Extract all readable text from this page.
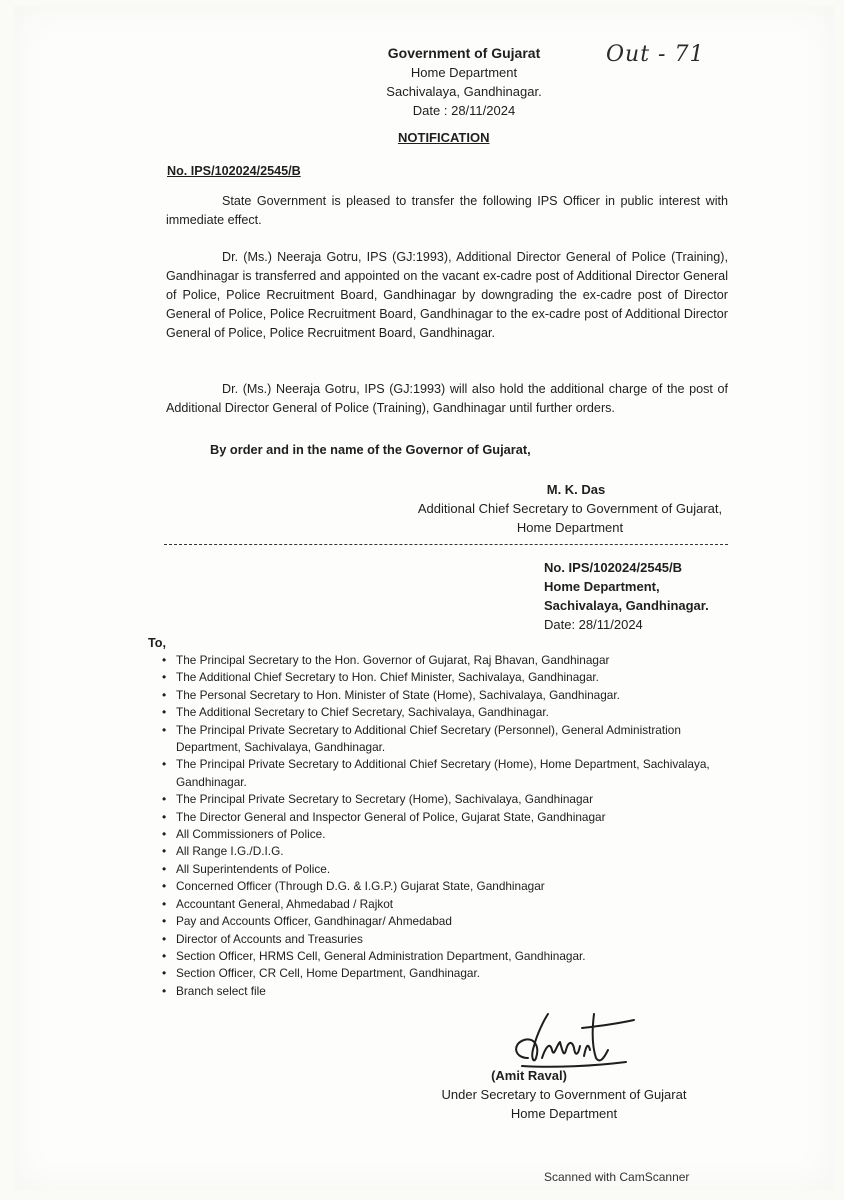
Government of Gujarat
Home Department
Sachivalaya, Gandhinagar.
Date : 28/11/2024
Out - 71
NOTIFICATION
No. IPS/102024/2545/B
State Government is pleased to transfer the following IPS Officer in public interest with immediate effect.
Dr. (Ms.) Neeraja Gotru, IPS (GJ:1993), Additional Director General of Police (Training), Gandhinagar is transferred and appointed on the vacant ex-cadre post of Additional Director General of Police, Police Recruitment Board, Gandhinagar by downgrading the ex-cadre post of Director General of Police, Police Recruitment Board, Gandhinagar to the ex-cadre post of Additional Director General of Police, Police Recruitment Board, Gandhinagar.
Dr. (Ms.) Neeraja Gotru, IPS (GJ:1993) will also hold the additional charge of the post of Additional Director General of Police (Training), Gandhinagar until further orders.
By order and in the name of the Governor of Gujarat,
M. K. Das
Additional Chief Secretary to Government of Gujarat,
Home Department
No. IPS/102024/2545/B
Home Department,
Sachivalaya, Gandhinagar.
Date: 28/11/2024
To,
• The Principal Secretary to the Hon. Governor of Gujarat, Raj Bhavan, Gandhinagar
• The Additional Chief Secretary to Hon. Chief Minister, Sachivalaya, Gandhinagar.
• The Personal Secretary to Hon. Minister of State (Home), Sachivalaya, Gandhinagar.
• The Additional Secretary to Chief Secretary, Sachivalaya, Gandhinagar.
• The Principal Private Secretary to Additional Chief Secretary (Personnel), General Administration Department, Sachivalaya, Gandhinagar.
• The Principal Private Secretary to Additional Chief Secretary (Home), Home Department, Sachivalaya, Gandhinagar.
• The Principal Private Secretary to Secretary (Home), Sachivalaya, Gandhinagar
• The Director General and Inspector General of Police, Gujarat State, Gandhinagar
• All Commissioners of Police.
• All Range I.G./D.I.G.
• All Superintendents of Police.
• Concerned Officer (Through D.G. & I.G.P.) Gujarat State, Gandhinagar
• Accountant General, Ahmedabad / Rajkot
• Pay and Accounts Officer, Gandhinagar/ Ahmedabad
• Director of Accounts and Treasuries
• Section Officer, HRMS Cell, General Administration Department, Gandhinagar.
• Section Officer, CR Cell, Home Department, Gandhinagar.
• Branch select file
(Amit Raval)
Under Secretary to Government of Gujarat
Home Department
Scanned with CamScanner
